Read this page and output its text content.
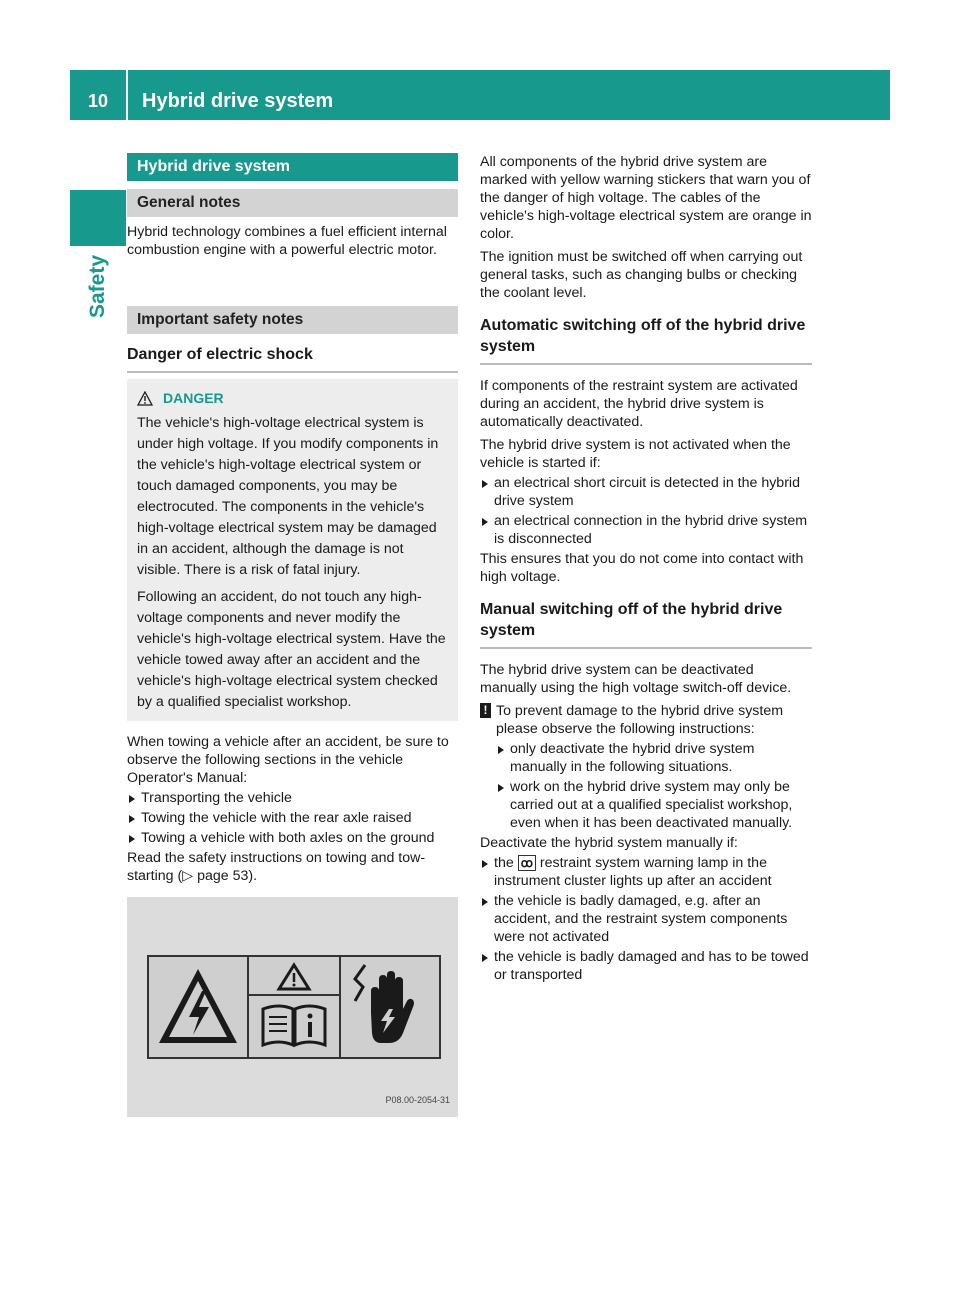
10	Hybrid drive system
Safety
Hybrid drive system
General notes

Hybrid technology combines a fuel efficient internal combustion engine with a powerful electric motor.

Important safety notes
Danger of electric shock
DANGER

The vehicle's high-voltage electrical system is under high voltage. If you modify components in the vehicle's high-voltage electrical system or touch damaged components, you may be electrocuted. The components in the vehicle's high-voltage electrical system may be damaged in an accident, although the damage is not visible. There is a risk of fatal injury.

Following an accident, do not touch any high-voltage components and never modify the vehicle's high-voltage electrical system. Have the vehicle towed away after an accident and the vehicle's high-voltage electrical system checked by a qualified specialist workshop.

When towing a vehicle after an accident, be sure to observe the following sections in the vehicle Operator's Manual:

Transporting the vehicle
Towing the vehicle with the rear axle raised
Towing a vehicle with both axles on the ground

Read the safety instructions on towing and tow-starting (▷ page 53).

P08.00-2054-31

All components of the hybrid drive system are marked with yellow warning stickers that warn you of the danger of high voltage. The cables of the vehicle's high-voltage electrical system are orange in color.

The ignition must be switched off when carrying out general tasks, such as changing bulbs or checking the coolant level.

Automatic switching off of the hybrid drive system

If components of the restraint system are activated during an accident, the hybrid drive system is automatically deactivated.

The hybrid drive system is not activated when the vehicle is started if:

an electrical short circuit is detected in the hybrid drive system
an electrical connection in the hybrid drive system is disconnected

This ensures that you do not come into contact with high voltage.

Manual switching off of the hybrid drive system

The hybrid drive system can be deactivated manually using the high voltage switch-off device.

! To prevent damage to the hybrid drive system please observe the following instructions:

only deactivate the hybrid drive system manually in the following situations.
work on the hybrid drive system may only be carried out at a qualified specialist workshop, even when it has been deactivated manually.

Deactivate the hybrid system manually if:

the ꝏ restraint system warning lamp in the instrument cluster lights up after an accident
the vehicle is badly damaged, e.g. after an accident, and the restraint system components were not activated
the vehicle is badly damaged and has to be towed or transported
